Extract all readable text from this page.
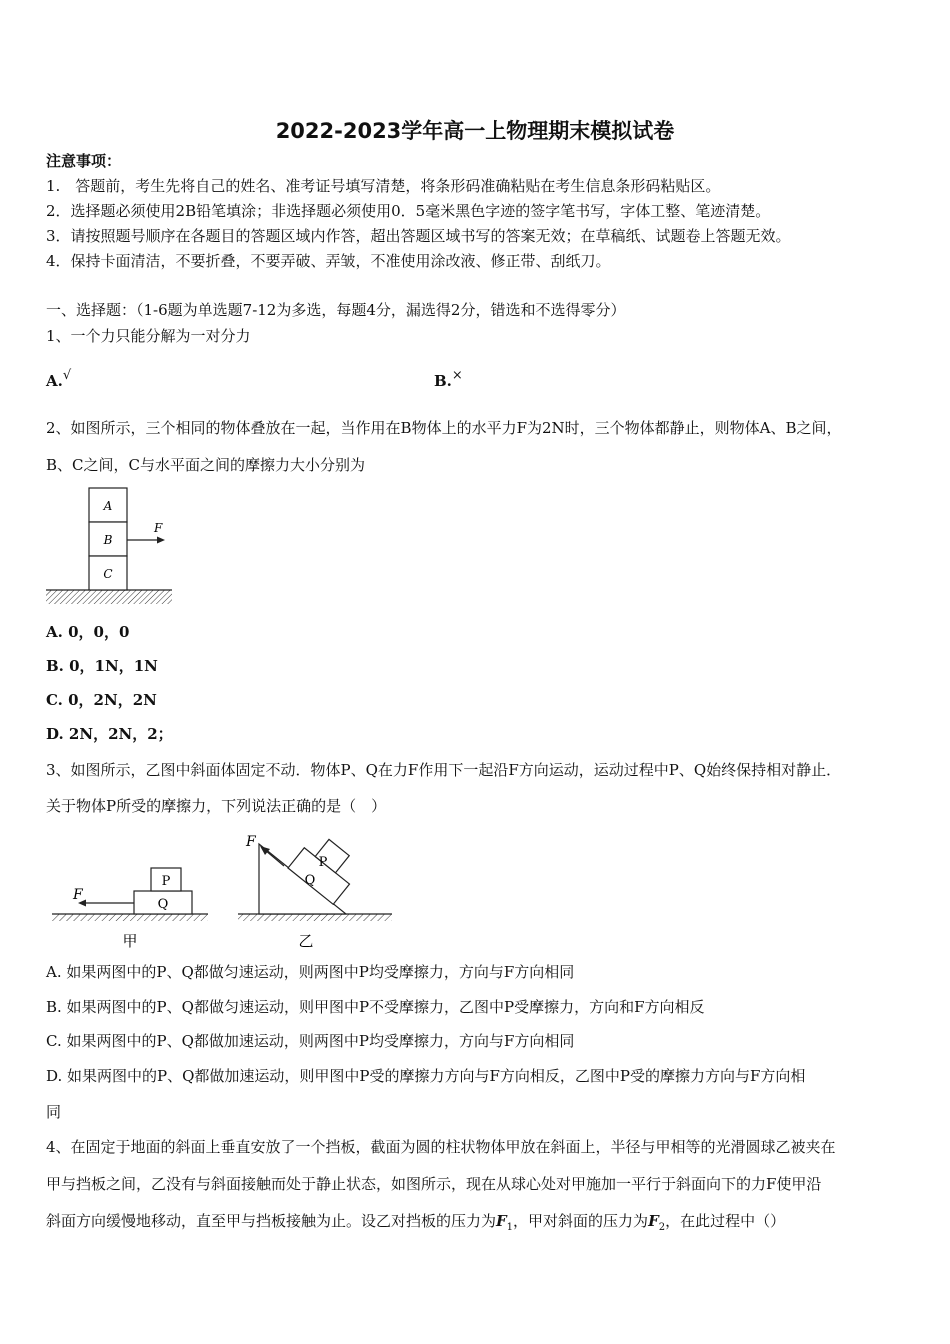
2022-2023学年高一上物理期末模拟试卷
注意事项：
1.　答题前，考生先将自己的姓名、准考证号填写清楚，将条形码准确粘贴在考生信息条形码粘贴区。
2．选择题必须使用2B铅笔填涂；非选择题必须使用0．5毫米黑色字迹的签字笔书写，字体工整、笔迹清楚。
3．请按照题号顺序在各题目的答题区域内作答，超出答题区域书写的答案无效；在草稿纸、试题卷上答题无效。
4．保持卡面清洁，不要折叠，不要弄破、弄皱，不准使用涂改液、修正带、刮纸刀。
一、选择题：（1-6题为单选题7-12为多选，每题4分，漏选得2分，错选和不选得零分）
1、一个力只能分解为一对分力
A.√	B.×
2、如图所示，三个相同的物体叠放在一起，当作用在B物体上的水平力F为2N时，三个物体都静止，则物体A、B之间，
B、C之间，C与水平面之间的摩擦力大小分别为
A
B
C
F
A. 0，0，0
B. 0，1N，1N
C. 0，2N，2N
D. 2N，2N，2；
3、如图所示，乙图中斜面体固定不动．物体P、Q在力F作用下一起沿F方向运动，运动过程中P、Q始终保持相对静止．
关于物体P所受的摩擦力，下列说法正确的是（　）
P
Q
F
甲
P
Q
F
乙
A. 如果两图中的P、Q都做匀速运动，则两图中P均受摩擦力，方向与F方向相同
B. 如果两图中的P、Q都做匀速运动，则甲图中P不受摩擦力，乙图中P受摩擦力，方向和F方向相反
C. 如果两图中的P、Q都做加速运动，则两图中P均受摩擦力，方向与F方向相同
D. 如果两图中的P、Q都做加速运动，则甲图中P受的摩擦力方向与F方向相反，乙图中P受的摩擦力方向与F方向相
同
4、在固定于地面的斜面上垂直安放了一个挡板，截面为圆的柱状物体甲放在斜面上，半径与甲相等的光滑圆球乙被夹在
甲与挡板之间，乙没有与斜面接触而处于静止状态，如图所示，现在从球心处对甲施加一平行于斜面向下的力F使甲沿
斜面方向缓慢地移动，直至甲与挡板接触为止。设乙对挡板的压力为$F_1$，甲对斜面的压力为$F_2$，在此过程中（）
